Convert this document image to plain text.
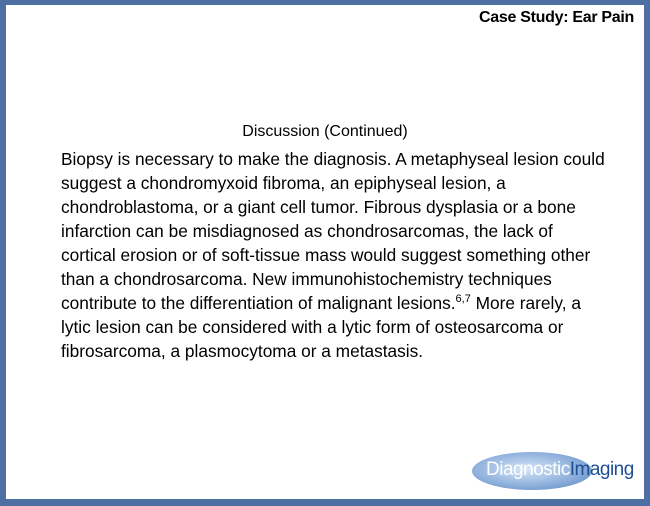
Case Study: Ear Pain
Discussion (Continued)

Biopsy is necessary to make the diagnosis. A metaphyseal lesion could suggest a chondromyxoid fibroma, an epiphyseal lesion, a chondroblastoma, or a giant cell tumor. Fibrous dysplasia or a bone infarction can be misdiagnosed as chondrosarcomas, the lack of cortical erosion or of soft-tissue mass would suggest something other than a chondrosarcoma. New immunohistochemistry techniques contribute to the differentiation of malignant lesions.$^{6,7}$ More rarely, a lytic lesion can be considered with a lytic form of osteosarcoma or fibrosarcoma, a plasmocytoma or a metastasis.

DiagnosticImaging
